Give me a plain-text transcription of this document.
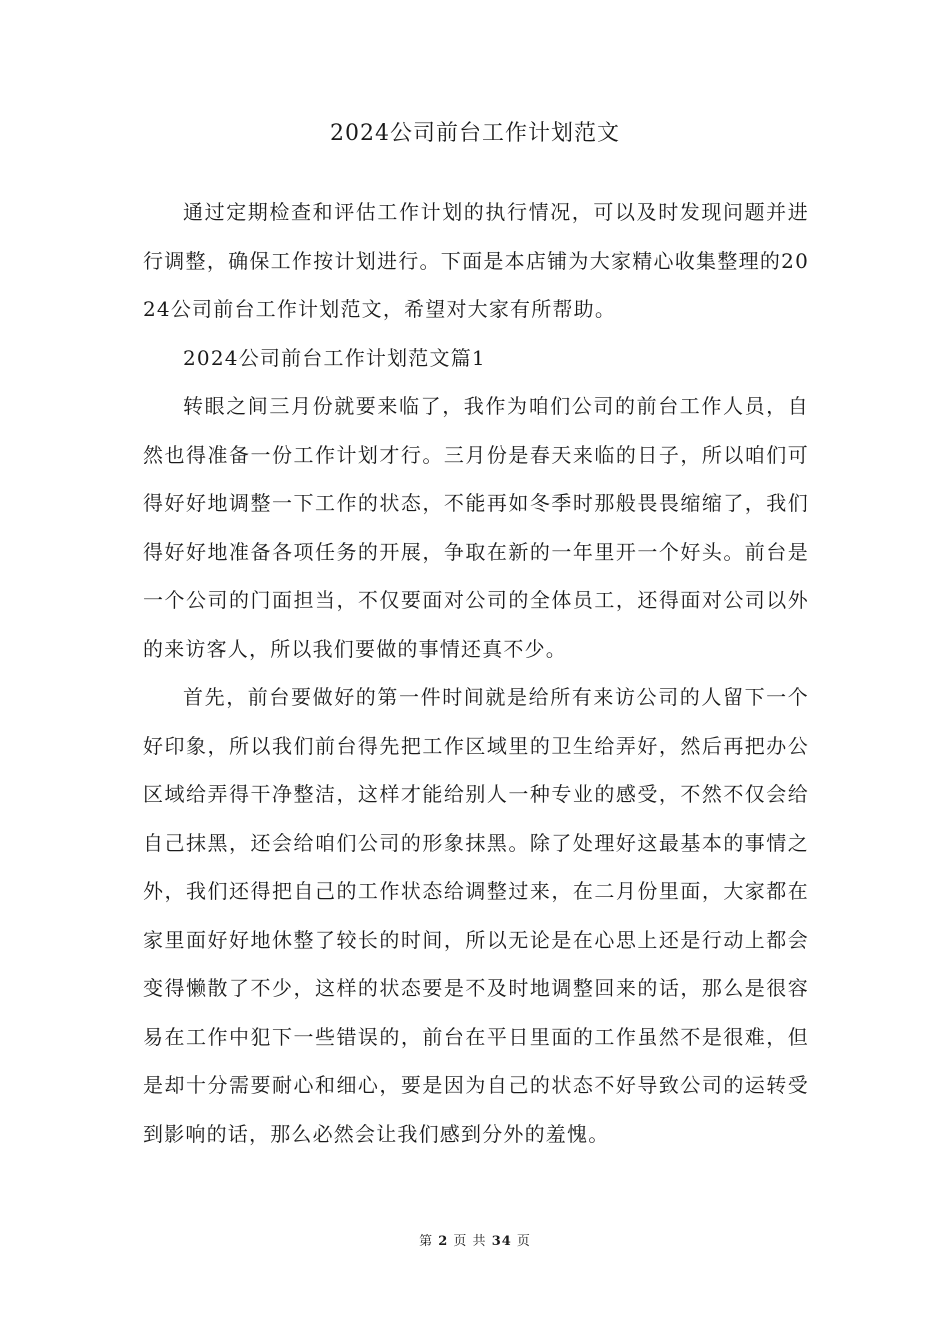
2024公司前台工作计划范文

通过定期检查和评估工作计划的执行情况，可以及时发现问题并进行调整，确保工作按计划进行。下面是本店铺为大家精心收集整理的2024公司前台工作计划范文，希望对大家有所帮助。

2024公司前台工作计划范文篇1

转眼之间三月份就要来临了，我作为咱们公司的前台工作人员，自然也得准备一份工作计划才行。三月份是春天来临的日子，所以咱们可得好好地调整一下工作的状态，不能再如冬季时那般畏畏缩缩了，我们得好好地准备各项任务的开展，争取在新的一年里开一个好头。前台是一个公司的门面担当，不仅要面对公司的全体员工，还得面对公司以外的来访客人，所以我们要做的事情还真不少。

首先，前台要做好的第一件时间就是给所有来访公司的人留下一个好印象，所以我们前台得先把工作区域里的卫生给弄好，然后再把办公区域给弄得干净整洁，这样才能给别人一种专业的感受，不然不仅会给自己抹黑，还会给咱们公司的形象抹黑。除了处理好这最基本的事情之外，我们还得把自己的工作状态给调整过来，在二月份里面，大家都在家里面好好地休整了较长的时间，所以无论是在心思上还是行动上都会变得懒散了不少，这样的状态要是不及时地调整回来的话，那么是很容易在工作中犯下一些错误的，前台在平日里面的工作虽然不是很难，但是却十分需要耐心和细心，要是因为自己的状态不好导致公司的运转受到影响的话，那么必然会让我们感到分外的羞愧。

第 2 页 共 34 页
